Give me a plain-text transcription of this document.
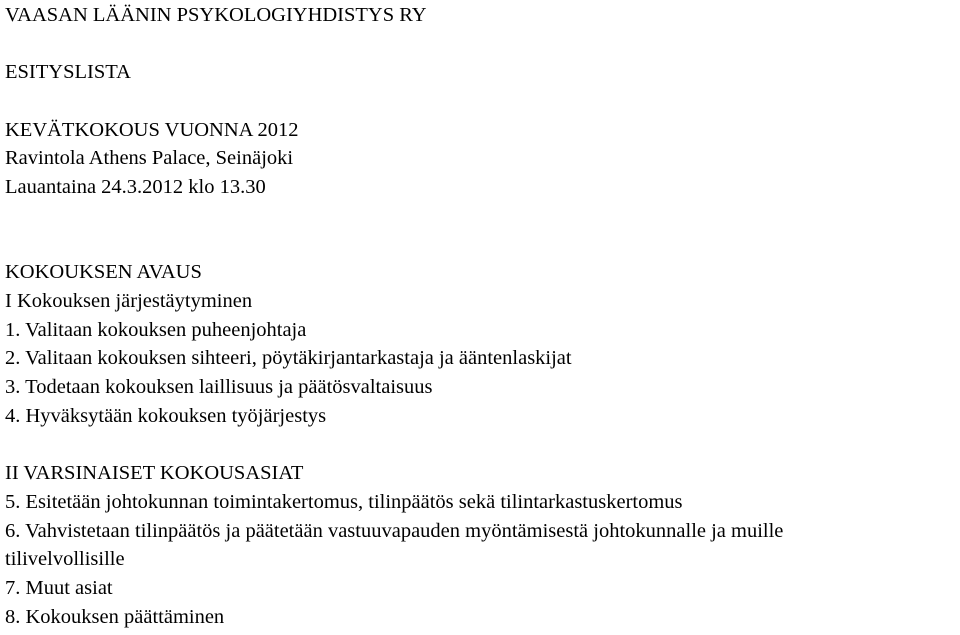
VAASAN LÄÄNIN PSYKOLOGIYHDISTYS RY
ESITYSLISTA
KEVÄTKOKOUS VUONNA 2012
Ravintola Athens Palace, Seinäjoki
Lauantaina 24.3.2012 klo 13.30
KOKOUKSEN AVAUS
I Kokouksen järjestäytyminen
1. Valitaan kokouksen puheenjohtaja
2. Valitaan kokouksen sihteeri, pöytäkirjantarkastaja ja ääntenlaskijat
3. Todetaan kokouksen laillisuus ja päätösvaltaisuus
4. Hyväksytään kokouksen työjärjestys
II VARSINAISET KOKOUSASIAT
5. Esitetään johtokunnan toimintakertomus, tilinpäätös sekä tilintarkastuskertomus
6. Vahvistetaan tilinpäätös ja päätetään vastuuvapauden myöntämisestä johtokunnalle ja muille
tilivelvollisille
7. Muut asiat
8. Kokouksen päättäminen
